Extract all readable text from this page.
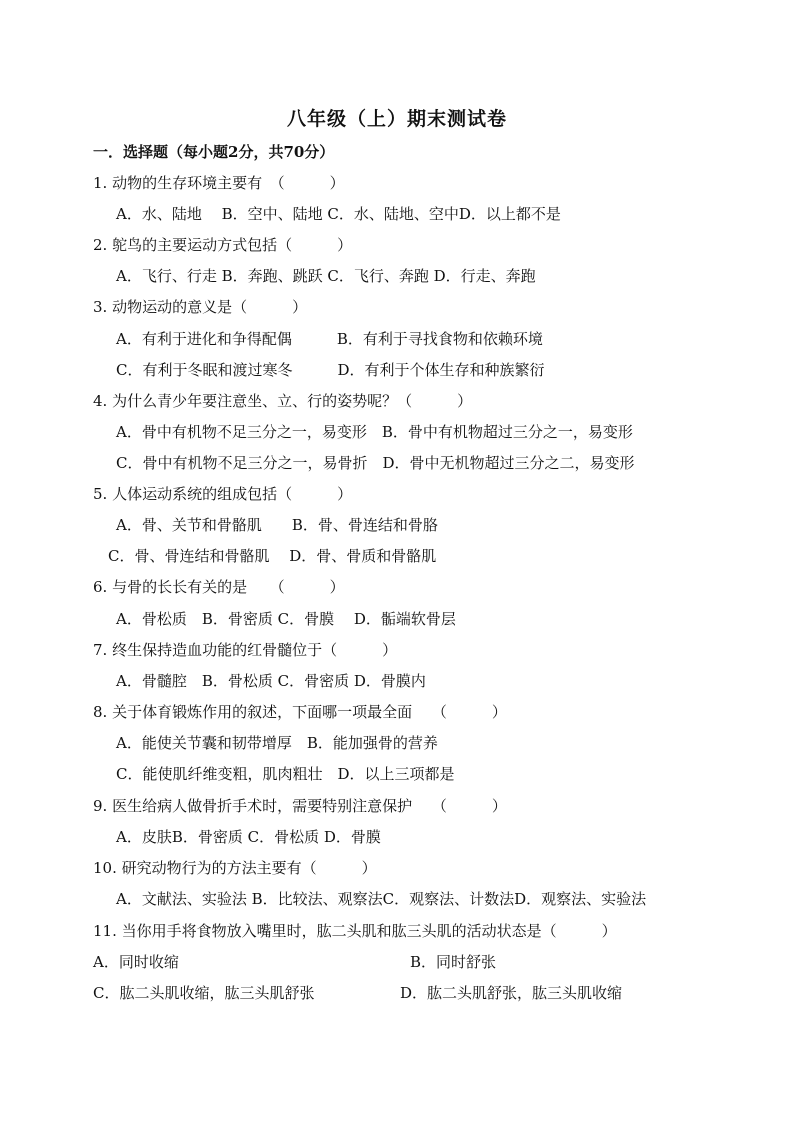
八年级（上）期末测试卷
一．选择题（每小题2分，共70分）
1. 动物的生存环境主要有　（　　　）
A．水、陆地　 B．空中、陆地 C．水、陆地、空中D．以上都不是
2. 鸵鸟的主要运动方式包括（　　　）
A．飞行、行走 B．奔跑、跳跃 C．飞行、奔跑 D．行走、奔跑
3. 动物运动的意义是（　　　）
A．有利于进化和争得配偶　　　B．有利于寻找食物和依赖环境
C．有利于冬眠和渡过寒冬　　　D．有利于个体生存和种族繁衍
4. 为什么青少年要注意坐、立、行的姿势呢？（　　　）
A．骨中有机物不足三分之一，易变形　B．骨中有机物超过三分之一，易变形
C．骨中有机物不足三分之一，易骨折　D．骨中无机物超过三分之二，易变形
5. 人体运动系统的组成包括（　　　）
A．骨、关节和骨骼肌　　B．骨、骨连结和骨胳
C．骨、骨连结和骨骼肌　 D．骨、骨质和骨骼肌
6. 与骨的长长有关的是　　（　　　）
A．骨松质　B．骨密质 C．骨膜　 D．骺端软骨层
7. 终生保持造血功能的红骨髓位于（　　　）
A．骨髓腔　B．骨松质 C．骨密质 D．骨膜内
8. 关于体育锻炼作用的叙述，下面哪一项最全面　 （　　　）
A．能使关节囊和韧带增厚　B．能加强骨的营养
C．能使肌纤维变粗，肌肉粗壮　D．以上三项都是
9. 医生给病人做骨折手术时，需要特别注意保护　 （　　　）
A．皮肤B．骨密质 C．骨松质 D．骨膜
10. 研究动物行为的方法主要有（　　　）
A．文献法、实验法 B．比较法、观察法C．观察法、计数法D．观察法、实验法
11. 当你用手将食物放入嘴里时，肱二头肌和肱三头肌的活动状态是（　　　）
A．同时收缩	B．同时舒张
C．肱二头肌收缩，肱三头肌舒张	D．肱二头肌舒张，肱三头肌收缩
